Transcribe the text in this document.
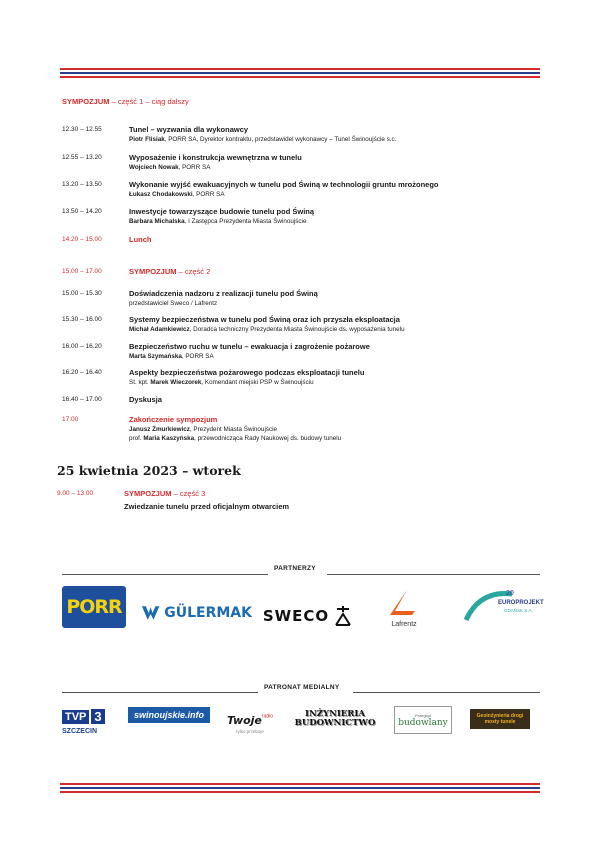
SYMPOZJUM – część 1 – ciąg dalszy
12.30 – 12.55	Tunel – wyzwania dla wykonawcy
Piotr Flisiak, PORR SA, Dyrektor kontraktu, przedstawidel wykonawcy – Tunel Świnoujście s.c.
12.55 – 13.20	Wyposażenie i konstrukcja wewnętrzna w tunelu
Wojciech Nowak, PORR SA
13.20 – 13.50	Wykonanie wyjść ewakuacyjnych w tunelu pod Świną w technologii gruntu mrożonego
Łukasz Chodakowski, PORR SA
13.50 – 14.20	Inwestycje towarzyszące budowie tunelu pod Świną
Barbara Michalska, I Zastępca Prezydenta Miasta Świnoujście
14.20 – 15.00	Lunch
15.00 – 17.00	SYMPOZJUM – część 2
15.00 – 15.30	Doświadczenia nadzoru z realizacji tunelu pod Świną
przedstawiciel Sweco / Lafrentz
15.30 – 16.00	Systemy bezpieczeństwa w tunelu pod Świną oraz ich przyszła eksploatacja
Michał Adamkiewicz, Doradca techniczny Prezydenta Miasta Świnoujście ds. wyposażenia tunelu
16.00 – 16.20	Bezpieczeństwo ruchu w tunelu – ewakuacja i zagrożenie pożarowe
Marta Szymańska, PORR SA
16.20 – 16.40	Aspekty bezpieczeństwa pożarowego podczas eksploatacji tunelu
St. kpt. Marek Wieczorek, Komendant miejski PSP w Świnoujściu
16.40 – 17.00	Dyskusja
17.00	Zakończenie sympozjum
Janusz Żmurkiewicz, Prezydent Miasta Świnoujście
prof. Maria Kaszyńska, przewodnicząca Rady Naukowej ds. budowy tunelu
25 kwietnia 2023 – wtorek
9.00 – 13.00	SYMPOZJUM – część 3
Zwiedzanie tunelu przed oficjalnym otwarciem
PARTNERZY
PORR	GÜLERMAK SWECO	Lafrentz
20
EUROPROJEKT
GDAŃSK S.A.
PATRONAT MEDIALNY
TVP 3
SZCZECIN
swinoujskie.info Twoje$^{radio}$
tylko przeboje
INŻYNIERIA BUDOWNICTWO
Przegląd
budowlany
Geoinżynieria drogi mosty tunele
